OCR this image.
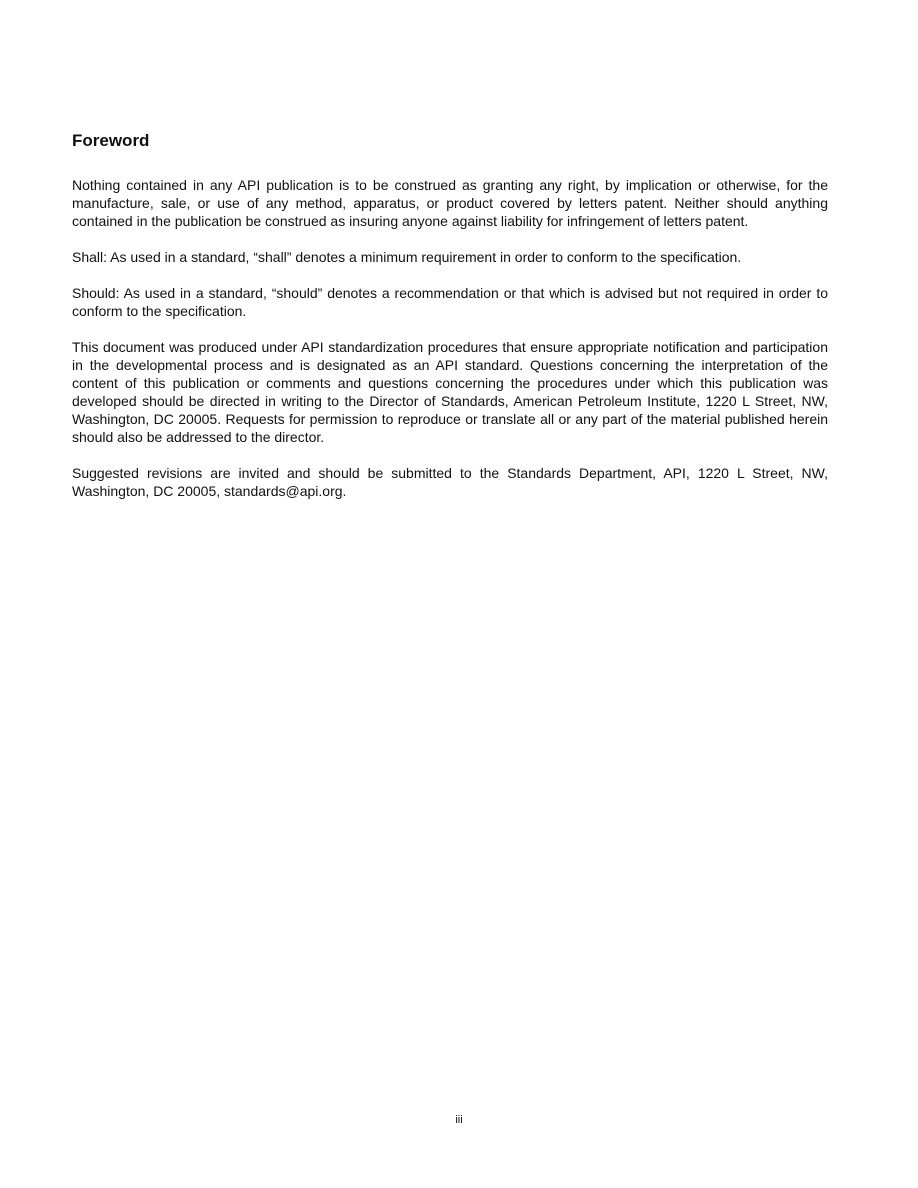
Foreword

Nothing contained in any API publication is to be construed as granting any right, by implication or otherwise, for the manufacture, sale, or use of any method, apparatus, or product covered by letters patent. Neither should anything contained in the publication be construed as insuring anyone against liability for infringement of letters patent.

Shall: As used in a standard, “shall” denotes a minimum requirement in order to conform to the specification.

Should: As used in a standard, “should” denotes a recommendation or that which is advised but not required in order to conform to the specification.

This document was produced under API standardization procedures that ensure appropriate notification and participation in the developmental process and is designated as an API standard. Questions concerning the interpretation of the content of this publication or comments and questions concerning the procedures under which this publication was developed should be directed in writing to the Director of Standards, American Petroleum Institute, 1220 L Street, NW, Washington, DC 20005. Requests for permission to reproduce or translate all or any part of the material published herein should also be addressed to the director.

Suggested revisions are invited and should be submitted to the Standards Department, API, 1220 L Street, NW, Washington, DC 20005, standards@api.org.

iii
